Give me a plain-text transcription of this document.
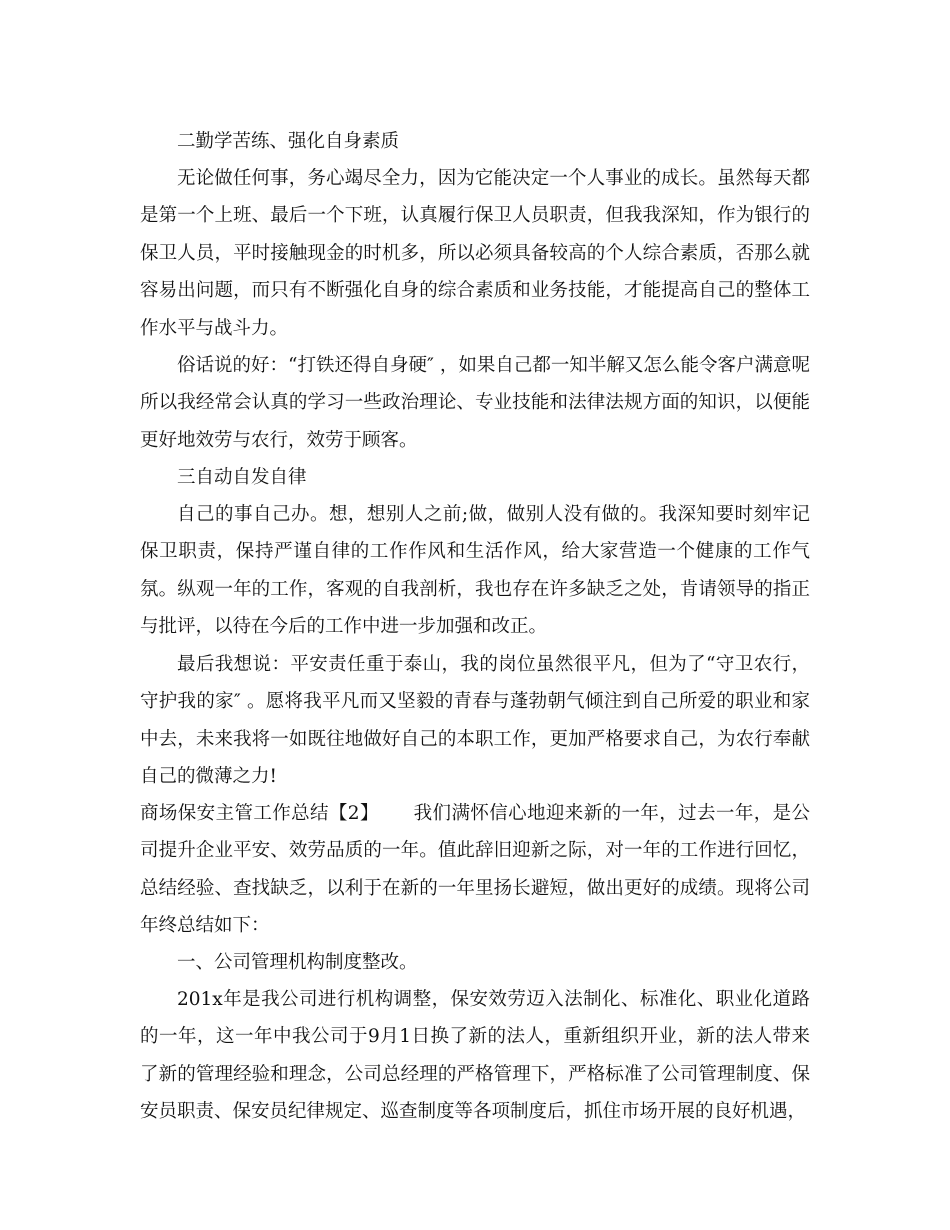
二勤学苦练、强化自身素质

无论做任何事，务心竭尽全力，因为它能决定一个人事业的成长。虽然每天都是第一个上班、最后一个下班，认真履行保卫人员职责，但我我深知，作为银行的保卫人员，平时接触现金的时机多，所以必须具备较高的个人综合素质，否那么就容易出问题，而只有不断强化自身的综合素质和业务技能，才能提高自己的整体工作水平与战斗力。

俗话说的好：“打铁还得自身硬″ ，如果自己都一知半解又怎么能令客户满意呢所以我经常会认真的学习一些政治理论、专业技能和法律法规方面的知识，以便能更好地效劳与农行，效劳于顾客。

三自动自发自律

自己的事自己办。想，想别人之前;做，做别人没有做的。我深知要时刻牢记保卫职责，保持严谨自律的工作作风和生活作风，给大家营造一个健康的工作气氛。纵观一年的工作，客观的自我剖析，我也存在许多缺乏之处，肯请领导的指正与批评，以待在今后的工作中进一步加强和改正。

最后我想说：平安责任重于泰山，我的岗位虽然很平凡，但为了“守卫农行，守护我的家″ 。愿将我平凡而又坚毅的青春与蓬勃朝气倾注到自己所爱的职业和家中去，未来我将一如既往地做好自己的本职工作，更加严格要求自己，为农行奉献自己的微薄之力!

商场保安主管工作总结【2】　　 我们满怀信心地迎来新的一年，过去一年，是公司提升企业平安、效劳品质的一年。值此辞旧迎新之际，对一年的工作进行回忆，总结经验、查找缺乏，以利于在新的一年里扬长避短，做出更好的成绩。现将公司年终总结如下：

一、公司管理机构制度整改。

201x年是我公司进行机构调整，保安效劳迈入法制化、标准化、职业化道路的一年，这一年中我公司于9月1日换了新的法人，重新组织开业，新的法人带来了新的管理经验和理念，公司总经理的严格管理下，严格标准了公司管理制度、保安员职责、保安员纪律规定、巡查制度等各项制度后，抓住市场开展的良好机遇，
